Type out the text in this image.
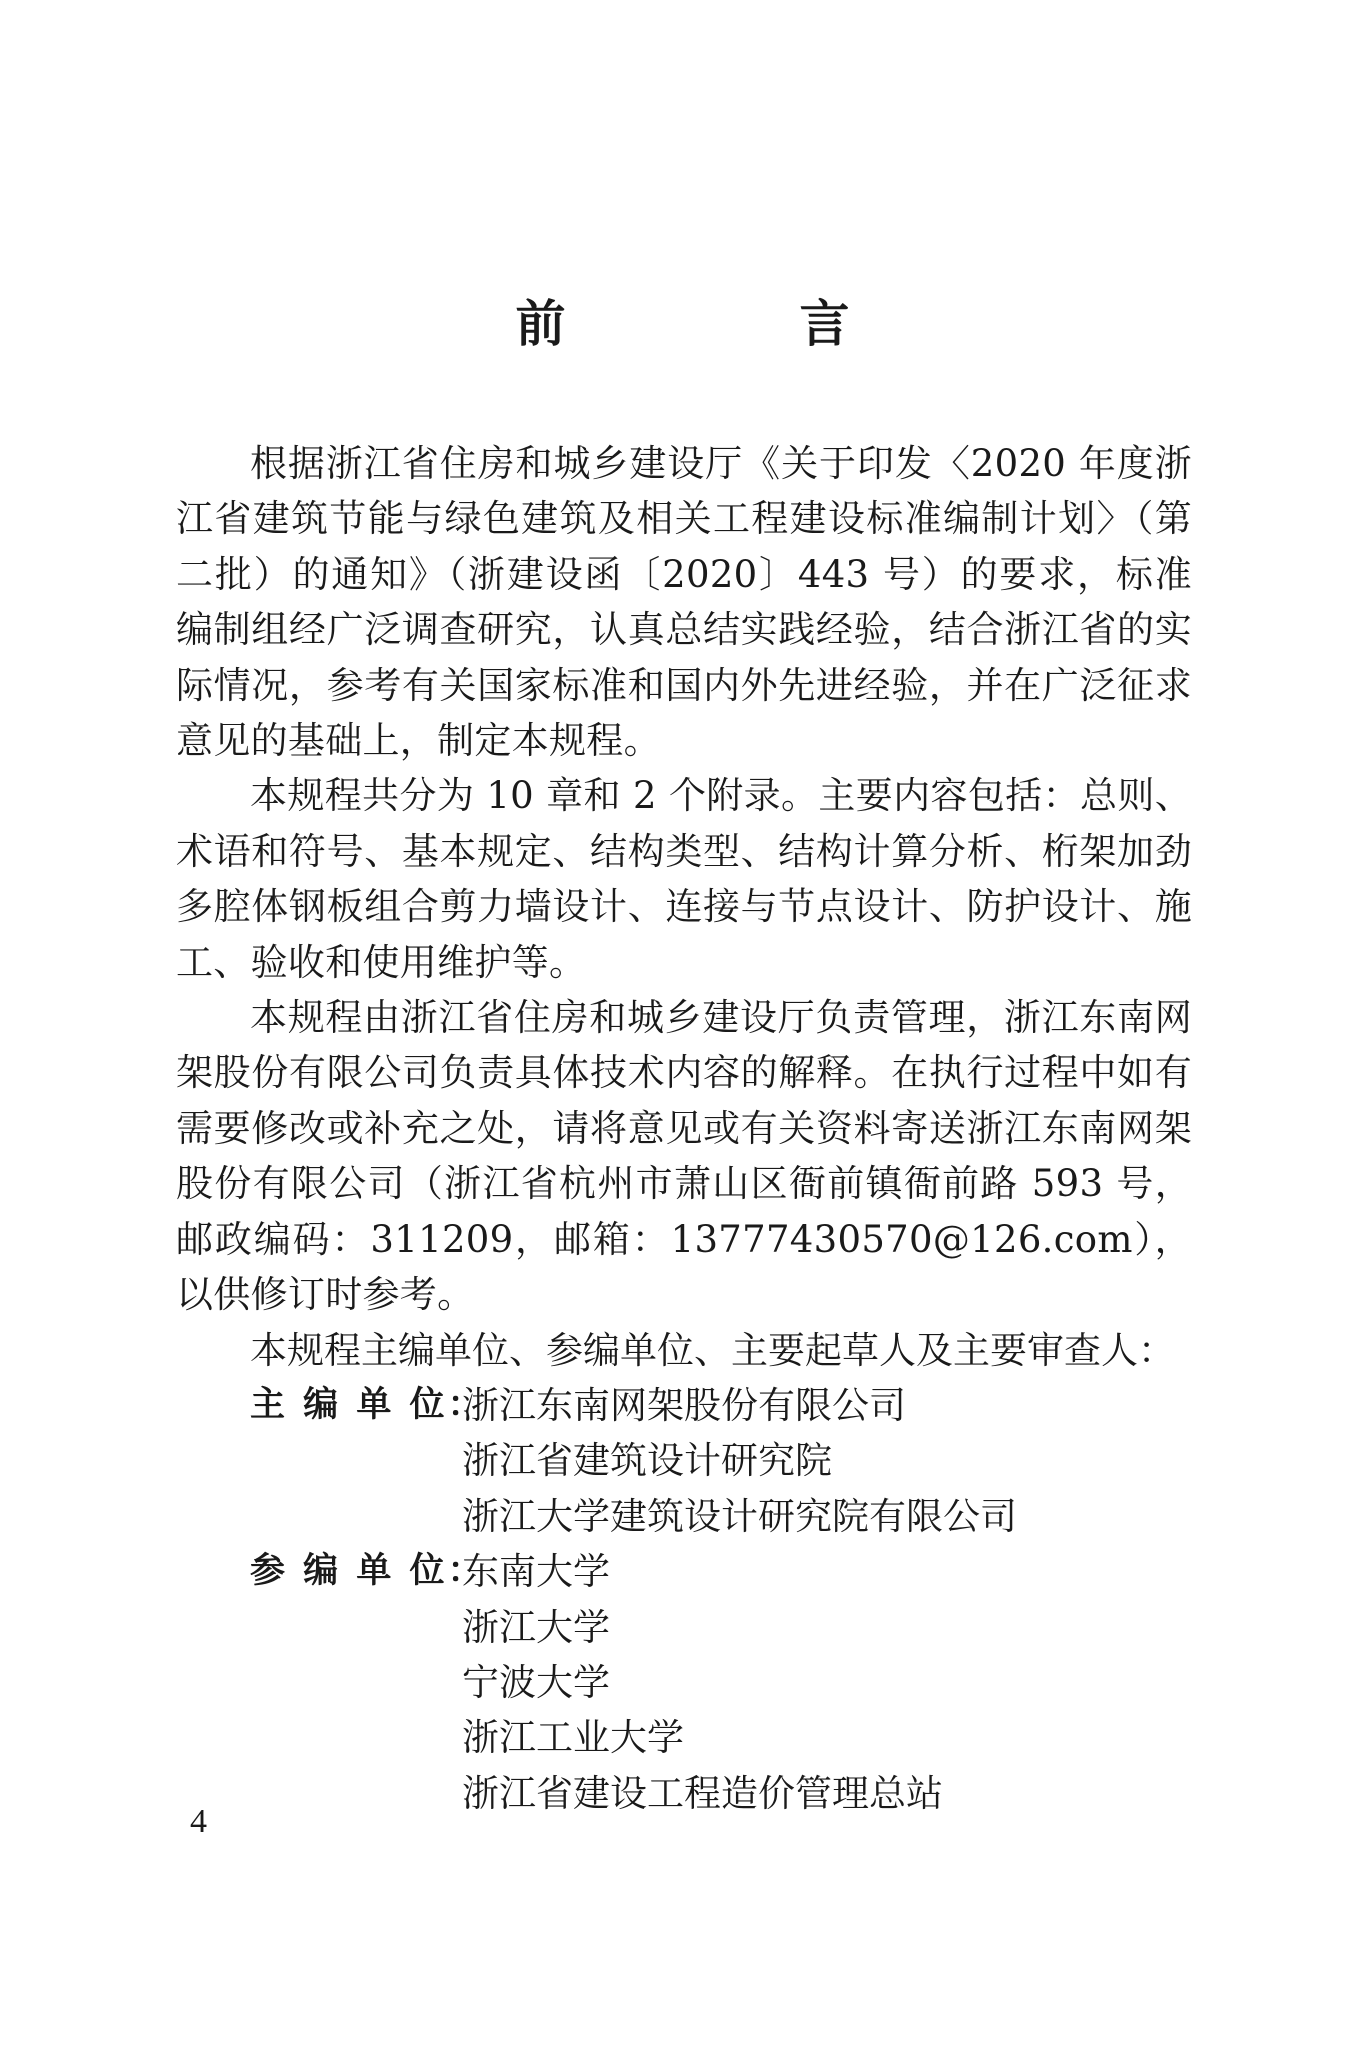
前　言

根据浙江省住房和城乡建设厅《关于印发〈2020 年度浙江省建筑节能与绿色建筑及相关工程建设标准编制计划〉（第二批）的通知》（浙建设函〔2020〕443 号）的要求，标准编制组经广泛调查研究，认真总结实践经验，结合浙江省的实际情况，参考有关国家标准和国内外先进经验，并在广泛征求意见的基础上，制定本规程。

本规程共分为 10 章和 2 个附录。主要内容包括：总则、术语和符号、基本规定、结构类型、结构计算分析、桁架加劲多腔体钢板组合剪力墙设计、连接与节点设计、防护设计、施工、验收和使用维护等。

本规程由浙江省住房和城乡建设厅负责管理，浙江东南网架股份有限公司负责具体技术内容的解释。在执行过程中如有需要修改或补充之处，请将意见或有关资料寄送浙江东南网架股份有限公司（浙江省杭州市萧山区衙前镇衙前路 593 号，邮政编码：311209，邮箱：13777430570@126.com），以供修订时参考。

本规程主编单位、参编单位、主要起草人及主要审查人：

主 编 单 位：
浙江东南网架股份有限公司
浙江省建筑设计研究院
浙江大学建筑设计研究院有限公司
参 编 单 位：
东南大学
浙江大学
宁波大学
浙江工业大学
浙江省建设工程造价管理总站
4
